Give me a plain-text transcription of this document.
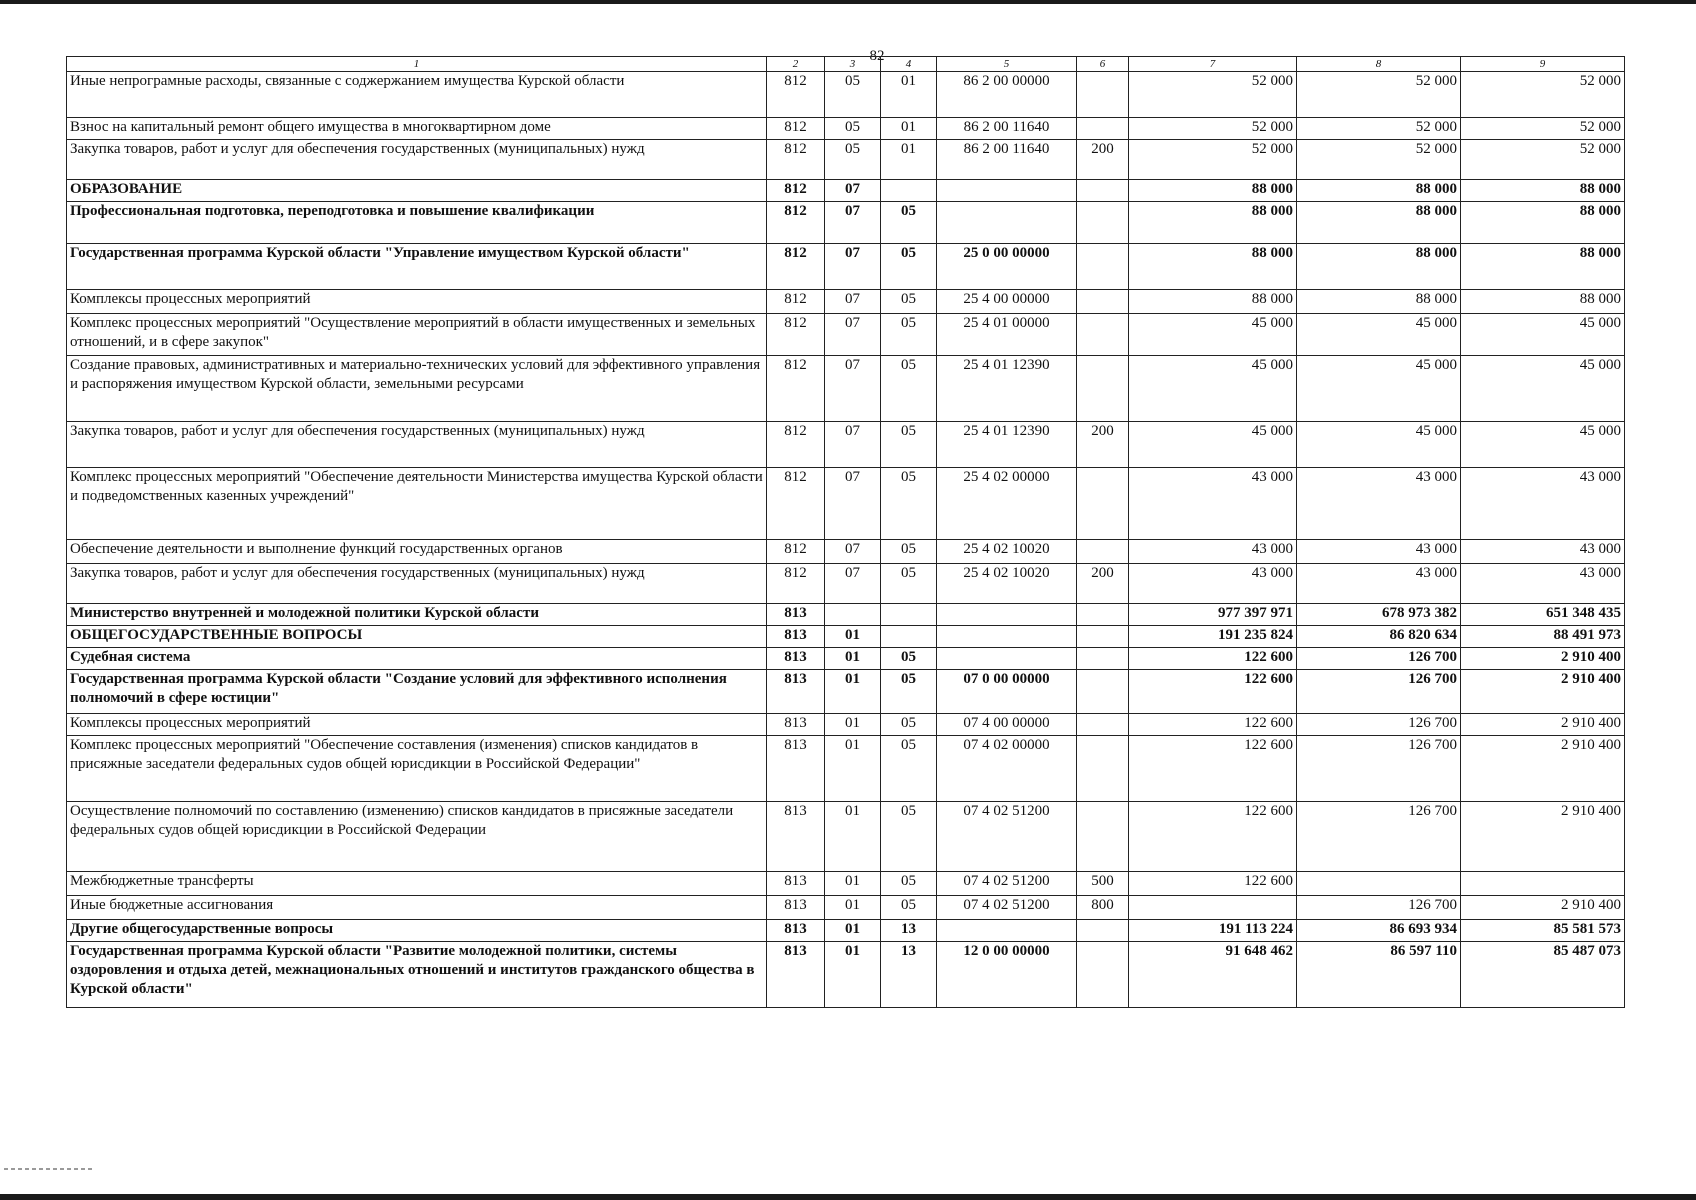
82
1	2	3	4	5	6	7	8	9
Иные непрограмные расходы, связанные с соджержанием имущества Курской области	812	05	01	86 2 00 00000		52 000	52 000	52 000
Взнос на капитальный ремонт общего имущества в многоквартирном доме	812	05	01	86 2 00 11640		52 000	52 000	52 000
Закупка товаров, работ и услуг для обеспечения государственных (муниципальных) нужд	812	05	01	86 2 00 11640	200	52 000	52 000	52 000
ОБРАЗОВАНИЕ	812	07				88 000	88 000	88 000
Профессиональная подготовка, переподготовка и повышение квалификации	812	07	05			88 000	88 000	88 000
Государственная программа Курской области "Управление имуществом Курской области"	812	07	05	25 0 00 00000		88 000	88 000	88 000
Комплексы процессных мероприятий	812	07	05	25 4 00 00000		88 000	88 000	88 000
Комплекс процессных мероприятий "Осуществление мероприятий в области имущественных и земельных отношений, и в сфере закупок"	812	07	05	25 4 01 00000		45 000	45 000	45 000
Создание правовых, административных и материально-технических условий для эффективного управления и распоряжения имуществом Курской области, земельными ресурсами	812	07	05	25 4 01 12390		45 000	45 000	45 000
Закупка товаров, работ и услуг для обеспечения государственных (муниципальных) нужд	812	07	05	25 4 01 12390	200	45 000	45 000	45 000
Комплекс процессных мероприятий "Обеспечение деятельности Министерства имущества Курской области и подведомственных казенных учреждений"	812	07	05	25 4 02 00000		43 000	43 000	43 000
Обеспечение деятельности и выполнение функций государственных органов	812	07	05	25 4 02 10020		43 000	43 000	43 000
Закупка товаров, работ и услуг для обеспечения государственных (муниципальных) нужд	812	07	05	25 4 02 10020	200	43 000	43 000	43 000
Министерство внутренней и молодежной политики Курской области	813					977 397 971	678 973 382	651 348 435
ОБЩЕГОСУДАРСТВЕННЫЕ ВОПРОСЫ	813	01				191 235 824	86 820 634	88 491 973
Судебная система	813	01	05			122 600	126 700	2 910 400
Государственная программа Курской области "Создание условий для эффективного исполнения полномочий в сфере юстиции"	813	01	05	07 0 00 00000		122 600	126 700	2 910 400
Комплексы процессных мероприятий	813	01	05	07 4 00 00000		122 600	126 700	2 910 400
Комплекс процессных мероприятий "Обеспечение составления (изменения) списков кандидатов в присяжные заседатели федеральных судов общей юрисдикции в Российской Федерации"	813	01	05	07 4 02 00000		122 600	126 700	2 910 400
Осуществление полномочий по составлению (изменению) списков кандидатов в присяжные заседатели федеральных судов общей юрисдикции в Российской Федерации	813	01	05	07 4 02 51200		122 600	126 700	2 910 400
Межбюджетные трансферты	813	01	05	07 4 02 51200	500	122 600		
Иные бюджетные ассигнования	813	01	05	07 4 02 51200	800		126 700	2 910 400
Другие общегосударственные вопросы	813	01	13			191 113 224	86 693 934	85 581 573
Государственная программа Курской области "Развитие молодежной политики, системы оздоровления и отдыха детей, межнациональных отношений и институтов гражданского общества в Курской области"	813	01	13	12 0 00 00000		91 648 462	86 597 110	85 487 073
